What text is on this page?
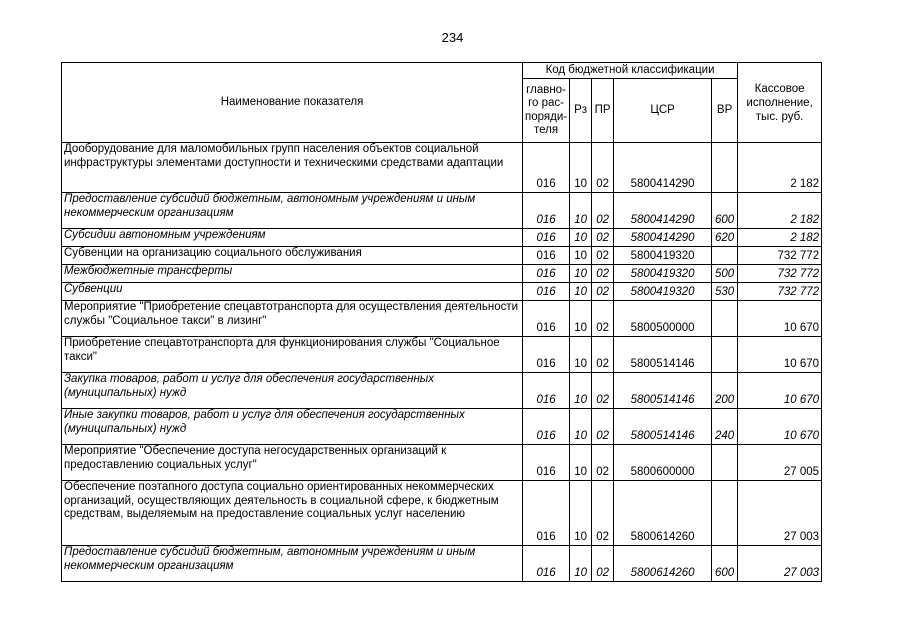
234
Наименование показателя	Код бюджетной классификации					Кассовое
исполнение,
тыс. руб.
	главно-
го рас-
поряди-
теля	Рз	ПР	ЦСР	ВР	
Дооборудование для маломобильных групп населения объектов социальной инфраструктуры элементами доступности и техническими средствами адаптации	016	10	02	5800414290		2 182
Предоставление субсидий бюджетным, автономным учреждениям и иным некоммерческим организациям	016	10	02	5800414290	600	2 182
Субсидии автономным учреждениям	016	10	02	5800414290	620	2 182
Субвенции на организацию социального обслуживания	016	10	02	5800419320		732 772
Межбюджетные трансферты	016	10	02	5800419320	500	732 772
Субвенции	016	10	02	5800419320	530	732 772
Мероприятие "Приобретение спецавтотранспорта для осуществления деятельности службы "Социальное такси" в лизинг"	016	10	02	5800500000		10 670
Приобретение спецавтотранспорта для функционирования службы "Социальное такси"	016	10	02	5800514146		10 670
Закупка товаров, работ и услуг для обеспечения государственных (муниципальных) нужд	016	10	02	5800514146	200	10 670
Иные закупки товаров, работ и услуг для обеспечения государственных (муниципальных) нужд	016	10	02	5800514146	240	10 670
Мероприятие "Обеспечение доступа негосударственных организаций к предоставлению социальных услуг"	016	10	02	5800600000		27 005
Обеспечение поэтапного доступа социально ориентированных некоммерческих организаций, осуществляющих деятельность в социальной сфере, к бюджетным средствам, выделяемым на предоставление социальных услуг населению	016	10	02	5800614260		27 003
Предоставление субсидий бюджетным, автономным учреждениям и иным некоммерческим организациям	016	10	02	5800614260	600	27 003
